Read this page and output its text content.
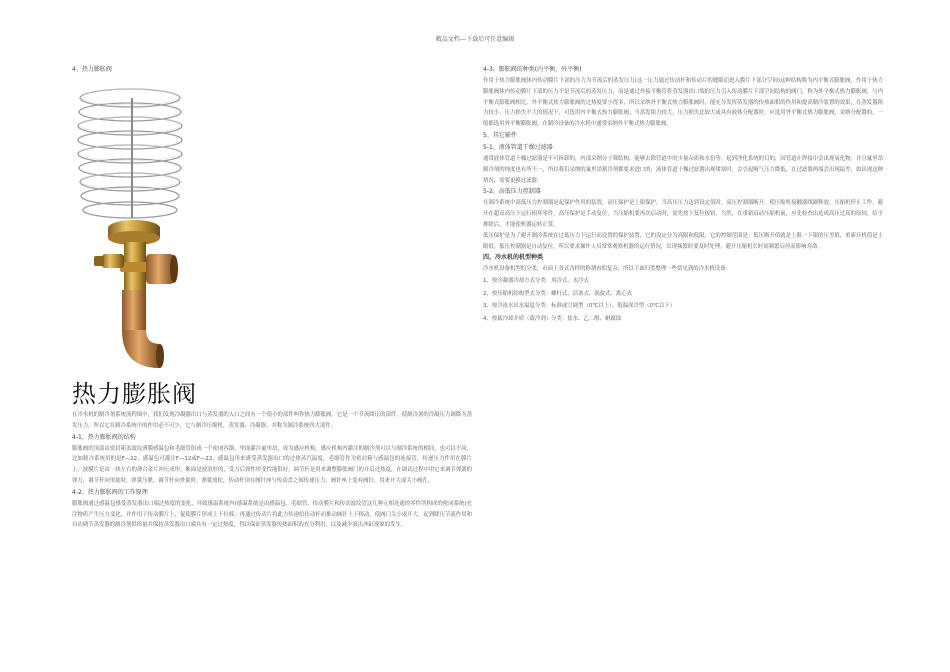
精品文档---下载后可任意编辑
4、热力膨胀阀
热力膨胀阀

在冷水机的制冷剂系统流程图中，我们发现冷凝器出口与蒸发器的入口之间有一个很小的部件叫作热力膨胀阀，它是一个节流降压的部件，使制冷剂的冷凝压力调降为蒸发压力，所以它在制冷系统中的作用必不可少，它与制冷压缩机，蒸发器、冷凝器、并称为制冷系统四大部件。

4-1、热力膨胀阀的结构

膨胀阀的顶部由密封箱盖波纹薄膜感温包和毛细管组成一个密闭容器，里面灌注氟里昂，成为感应机构，感应机构内灌注的制冷剂可以与制冷系统的相同，也可以不同，比如制冷系统用的是F—22，感温包可灌注F—12或F—22，感温包用来感受蒸发器出口的过热蒸汽温度，毛细管作为密封箱与感温包的连接管，传递压力作用在膜片上，波膜片是由一块左右的薄合金片冲压成形，断面是波浪形的，受力后弹性形变性能很好，调节杆是用来调整膨胀阀门的开启过热度，在调试过程中用它来调节弹簧的弹力，调节杆向里旋时，弹簧压紧，调节杆向外旋时，弹簧放松，传动杆顶在阀针座与传动盘之间传递压力，阀针座上装有阀针，用来开大或关小阀孔。

4-2、热力膨胀阀的工作原理

膨胀阀通过感温包感受蒸发器出口端过热度的变化，导致感温系统内(感温系统是由感温包、毛细管、传动膜片和传动波纹管这几种元相连通的零件所构成的密闭系统)充注物质产生压力变化，并作用于传动膜片上，促使膜片形成上下位移，再通过传动片将此力传递给传动杆而推动阀针上下移动，使阀门关小或开大，起到降压节流作用和自动调节蒸发器的制冷剂供给量并保持蒸发器出口端具有一定过热度，得以保证蒸发器传热面积的充分利用，以及减少液击冲缸现象的发生。

4-3、膨胀阀的种类(内平衡、外平衡)

作用于热力膨胀阀体内传动膜片下部的压力为节流后的蒸发压力(这一压力通过传动杆和传动片的缝隙而进入膜片下部分空间)这种结构称为内平衡式膨胀阀，作用于热力膨胀阀体内传动膜片下部的压力不是节流后的蒸发压力，而是通过外接平衡管将蒸发器出口端的压力引入传动膜片下部空间结构的阀门，称为外平衡式热力膨胀阀，与内平衡式膨胀阀相比，外平衡式热力膨胀阀的过热度要小得多，所以采纳外平衡式热力膨胀阀时，能充分发挥蒸发器的传热面积的作用和提高制冷装置的效果，在蒸发器阻力较小、压力损失不大的情况下，可选用内平衡式热力膨胀阀；当蒸发阻力较大，压力损失比较大或具有液体分配器时，应选用外平衡式热力膨胀阀，采纳分配器的，一般都选用外平衡膨胀阀，在制冷设备的冷水机中通常采纳外平衡式热力膨胀阀。

5、其它辅件
5-1、液体管道干燥过滤器

通常液体管道干燥过滤器是不可拆卸的，内部采纳分子筛结构，能够去除管道中的少量杂质和水份等，起到净化系统的目的，因管道在焊接中会出现氧化物，并且氟里昂制冷剂的纯度也有所不一，所以我们采纳的氟里昂制冷剂都要求进口的，液体管道干燥过滤器出现堵塞时，会引起吸气压力降低，在过滤器两端会出现温差，如出现这种情况，需要更换过滤器。

5-2、高低压力控制器

在制冷系统中高低压力控制器是起保护作用的装置，高压保护是上限保护，当高压压力达到设定值时，高压控制器断开，使压缩机接触器线圈释放，压缩机停止工作，避开在超高高压下运行损坏零件，高压保护是手动复位，当压缩机要再次启动时，需先按下复位按钮，当然，在重新启动压缩机前，应先检查出造成高压过高的原因，给予排除后，才能使机器运转正常，

低压保护是为了避开制冷系统在过低压力下运行而设置的保护装置，它的设定分为高限和低限，它的控制范围是：低压断开值就是上限一下限的压差值，重新开机值是上限值，低压控制器是自动复位，所以要求操作人员常常观察机器的运行情况，出现频繁时要及时处理，避开压缩机长时间频繁启停而影响寿命。

四、冷水机的机型种类

冷水机设备机型的分类，市面上各式各样的称谓看似复杂，所以下面归类整理一些常见到的冷水机设备：

1、按冷凝器冷却方式分类：风冷式、水冷式
2、按压缩机结构型式分类：螺杆式、活塞式、涡旋式、离心式
3、按冷冻水出水温度分类：标准或空调型（0℃以上）、低温深冷型（0℃以下）
4、按载冷却介质（载冷剂）分类：盐水、乙二醇、耐腐蚀
